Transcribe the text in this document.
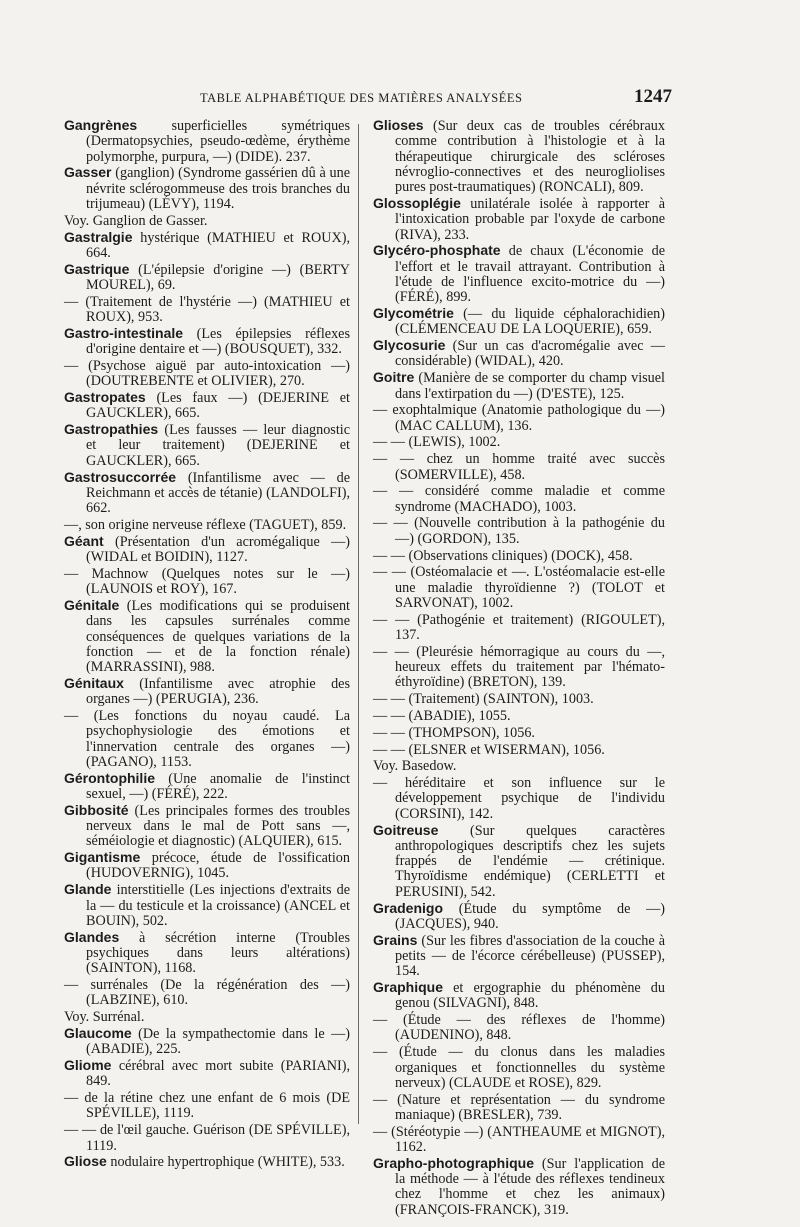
TABLE ALPHABÉTIQUE DES MATIÈRES ANALYSÉES	1247

Gangrènes superficielles symétriques (Dermatopsychies, pseudo-œdème, érythème polymorphe, purpura, —) (DIDE). 237.

Gasser (ganglion) (Syndrome gassérien dû à une névrite sclérogommeuse des trois branches du trijumeau) (LÉVY), 1194.

Voy. Ganglion de Gasser.

Gastralgie hystérique (MATHIEU et ROUX), 664.

Gastrique (L'épilepsie d'origine —) (BERTY MOUREL), 69.

— (Traitement de l'hystérie —) (MATHIEU et ROUX), 953.

Gastro-intestinale (Les épilepsies réflexes d'origine dentaire et —) (BOUSQUET), 332.

— (Psychose aiguë par auto-intoxication —) (DOUTREBENTE et OLIVIER), 270.

Gastropates (Les faux —) (DEJERINE et GAUCKLER), 665.

Gastropathies (Les fausses — leur diagnostic et leur traitement) (DEJERINE et GAUCKLER), 665.

Gastrosuccorrée (Infantilisme avec — de Reichmann et accès de tétanie) (LANDOLFI), 662.

—, son origine nerveuse réflexe (TAGUET), 859.

Géant (Présentation d'un acromégalique —) (WIDAL et BOIDIN), 1127.

— Machnow (Quelques notes sur le —) (LAUNOIS et ROY), 167.

Génitale (Les modifications qui se produisent dans les capsules surrénales comme conséquences de quelques variations de la fonction — et de la fonction rénale) (MARRASSINI), 988.

Génitaux (Infantilisme avec atrophie des organes —) (PERUGIA), 236.

— (Les fonctions du noyau caudé. La psychophysiologie des émotions et l'innervation centrale des organes —) (PAGANO), 1153.

Gérontophilie (Une anomalie de l'instinct sexuel, —) (FÉRÉ), 222.

Gibbosité (Les principales formes des troubles nerveux dans le mal de Pott sans —, séméiologie et diagnostic) (ALQUIER), 615.

Gigantisme précoce, étude de l'ossification (HUDOVERNIG), 1045.

Glande interstitielle (Les injections d'extraits de la — du testicule et la croissance) (ANCEL et BOUIN), 502.

Glandes à sécrétion interne (Troubles psychiques dans leurs altérations) (SAINTON), 1168.

— surrénales (De la régénération des —) (LABZINE), 610.

Voy. Surrénal.

Glaucome (De la sympathectomie dans le —) (ABADIE), 225.

Gliome cérébral avec mort subite (PARIANI), 849.

— de la rétine chez une enfant de 6 mois (DE SPÉVILLE), 1119.

— — de l'œil gauche. Guérison (DE SPÉVILLE), 1119.

Gliose nodulaire hypertrophique (WHITE), 533.

Glioses (Sur deux cas de troubles cérébraux comme contribution à l'histologie et à la thérapeutique chirurgicale des scléroses névroglio-connectives et des neurogliolises pures post-traumatiques) (RONCALI), 809.

Glossoplégie unilatérale isolée à rapporter à l'intoxication probable par l'oxyde de carbone (RIVA), 233.

Glycéro-phosphate de chaux (L'économie de l'effort et le travail attrayant. Contribution à l'étude de l'influence excito-motrice du —) (FÉRÉ), 899.

Glycométrie (— du liquide céphalorachidien) (CLÉMENCEAU DE LA LOQUERIE), 659.

Glycosurie (Sur un cas d'acromégalie avec — considérable) (WIDAL), 420.

Goitre (Manière de se comporter du champ visuel dans l'extirpation du —) (D'ESTE), 125.

— exophtalmique (Anatomie pathologique du —) (MAC CALLUM), 136.

— — (LEWIS), 1002.

— — chez un homme traité avec succès (SOMERVILLE), 458.

— — considéré comme maladie et comme syndrome (MACHADO), 1003.

— — (Nouvelle contribution à la pathogénie du —) (GORDON), 135.

— — (Observations cliniques) (DOCK), 458.

— — (Ostéomalacie et —. L'ostéomalacie est-elle une maladie thyroïdienne ?) (TOLOT et SARVONAT), 1002.

— — (Pathogénie et traitement) (RIGOULET), 137.

— — (Pleurésie hémorragique au cours du —, heureux effets du traitement par l'hémato-éthyroïdine) (BRETON), 139.

— — (Traitement) (SAINTON), 1003.

— — (ABADIE), 1055.

— — (THOMPSON), 1056.

— — (ELSNER et WISERMAN), 1056.

Voy. Basedow.

— héréditaire et son influence sur le développement psychique de l'individu (CORSINI), 142.

Goitreuse (Sur quelques caractères anthropologiques descriptifs chez les sujets frappés de l'endémie — crétinique. Thyroïdisme endémique) (CERLETTI et PERUSINI), 542.

Gradenigo (Étude du symptôme de —) (JACQUES), 940.

Grains (Sur les fibres d'association de la couche à petits — de l'écorce cérébelleuse) (PUSSEP), 154.

Graphique et ergographie du phénomène du genou (SILVAGNI), 848.

— (Étude — des réflexes de l'homme) (AUDENINO), 848.

— (Étude — du clonus dans les maladies organiques et fonctionnelles du système nerveux) (CLAUDE et ROSE), 829.

— (Nature et représentation — du syndrome maniaque) (BRESLER), 739.

— (Stéréotypie —) (ANTHEAUME et MIGNOT), 1162.

Grapho-photographique (Sur l'application de la méthode — à l'étude des réflexes tendineux chez l'homme et chez les animaux) (FRANÇOIS-FRANCK), 319.
